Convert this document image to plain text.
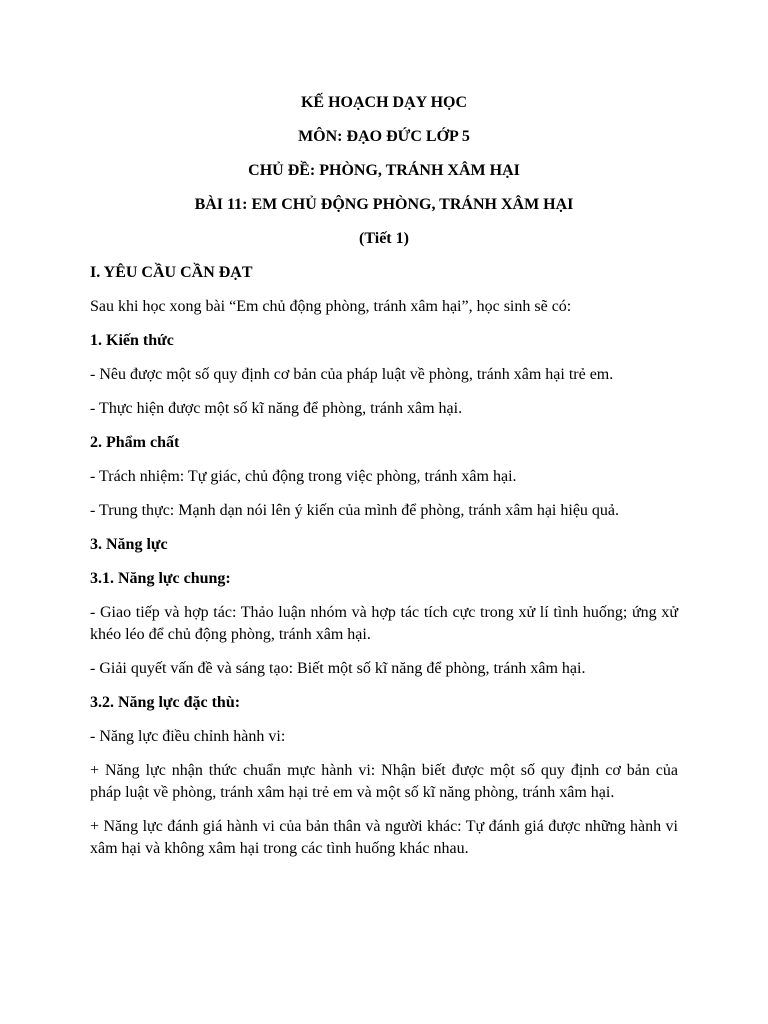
KẾ HOẠCH DẠY HỌC
MÔN: ĐẠO ĐỨC LỚP 5
CHỦ ĐỀ: PHÒNG, TRÁNH XÂM HẠI
BÀI 11: EM CHỦ ĐỘNG PHÒNG, TRÁNH XÂM HẠI
(Tiết 1)
I. YÊU CẦU CẦN ĐẠT
Sau khi học xong bài “Em chủ động phòng, tránh xâm hại”, học sinh sẽ có:
1. Kiến thức
- Nêu được một số quy định cơ bản của pháp luật về phòng, tránh xâm hại trẻ em.
- Thực hiện được một số kĩ năng để phòng, tránh xâm hại.
2. Phẩm chất
- Trách nhiệm: Tự giác, chủ động trong việc phòng, tránh xâm hại.
- Trung thực: Mạnh dạn nói lên ý kiến của mình để phòng, tránh xâm hại hiệu quả.
3. Năng lực
3.1. Năng lực chung:
- Giao tiếp và hợp tác: Thảo luận nhóm và hợp tác tích cực trong xử lí tình huống; ứng xử khéo léo để chủ động phòng, tránh xâm hại.
- Giải quyết vấn đề và sáng tạo: Biết một số kĩ năng để phòng, tránh xâm hại.
3.2. Năng lực đặc thù:
- Năng lực điều chỉnh hành vi:
+ Năng lực nhận thức chuẩn mực hành vi: Nhận biết được một số quy định cơ bản của pháp luật về phòng, tránh xâm hại trẻ em và một số kĩ năng phòng, tránh xâm hại.
+ Năng lực đánh giá hành vi của bản thân và người khác: Tự đánh giá được những hành vi xâm hại và không xâm hại trong các tình huống khác nhau.
